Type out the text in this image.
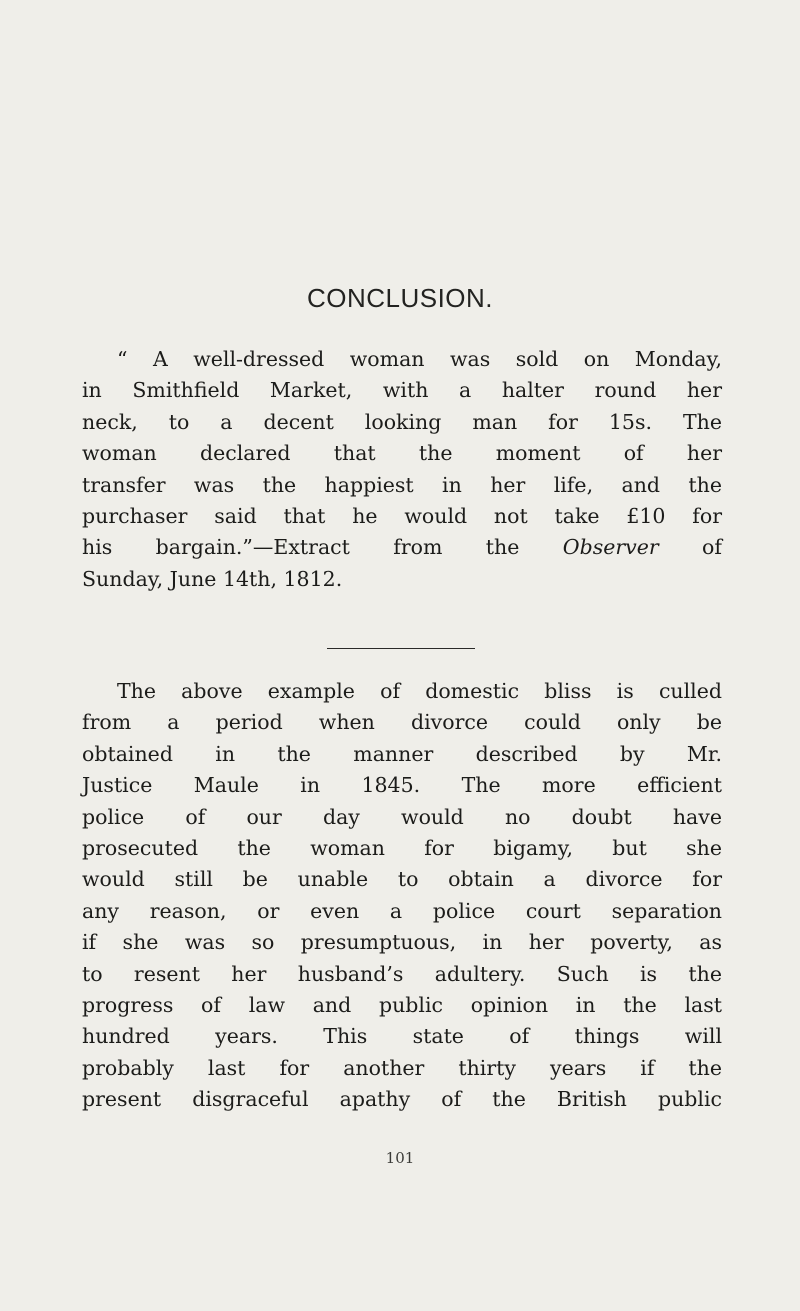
CONCLUSION.
“ A well-dressed woman was sold on Monday,
in Smithfield Market, with a halter round her
neck, to a decent looking man for 15s. The
woman declared that the moment of her
transfer was the happiest in her life, and the
purchaser said that he would not take £10 for
his bargain.”—Extract from the Observer of
Sunday, June 14th, 1812.
The above example of domestic bliss is culled
from a period when divorce could only be
obtained in the manner described by Mr.
Justice Maule in 1845. The more efficient
police of our day would no doubt have
prosecuted the woman for bigamy, but she
would still be unable to obtain a divorce for
any reason, or even a police court separation
if she was so presumptuous, in her poverty, as
to resent her husband’s adultery. Such is the
progress of law and public opinion in the last
hundred years. This state of things will
probably last for another thirty years if the
present disgraceful apathy of the British public
101
